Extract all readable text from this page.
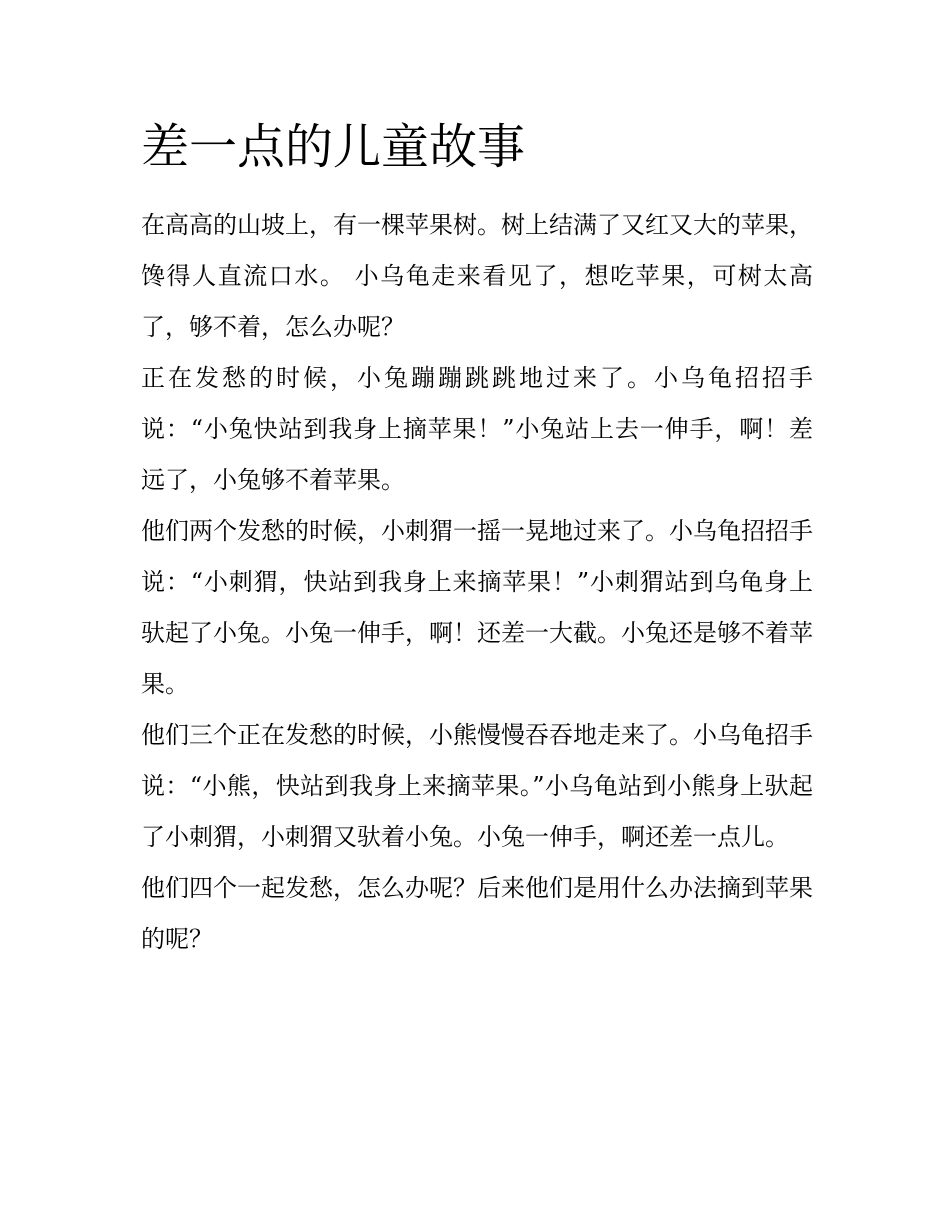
差一点的儿童故事

在高高的山坡上，有一棵苹果树。树上结满了又红又大的苹果，馋得人直流口水。 小乌龟走来看见了，想吃苹果，可树太高了，够不着，怎么办呢？

正在发愁的时候，小兔蹦蹦跳跳地过来了。小乌龟招招手说：“小兔快站到我身上摘苹果！”小兔站上去一伸手，啊！差远了，小兔够不着苹果。

他们两个发愁的时候，小刺猬一摇一晃地过来了。小乌龟招招手说：“小刺猬，快站到我身上来摘苹果！”小刺猬站到乌龟身上驮起了小兔。小兔一伸手，啊！还差一大截。小兔还是够不着苹果。

他们三个正在发愁的时候，小熊慢慢吞吞地走来了。小乌龟招手说：“小熊，快站到我身上来摘苹果。”小乌龟站到小熊身上驮起了小刺猬，小刺猬又驮着小兔。小兔一伸手，啊还差一点儿。

他们四个一起发愁，怎么办呢？后来他们是用什么办法摘到苹果的呢？
